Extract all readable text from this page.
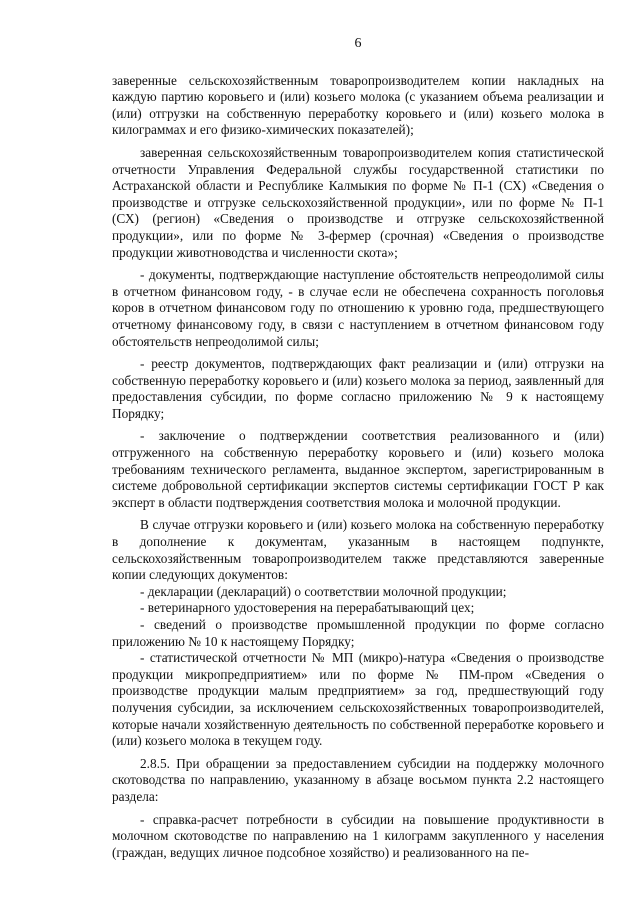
6

заверенные сельскохозяйственным товаропроизводителем копии накладных на каждую партию коровьего и (или) козьего молока (с указанием объема реализации и (или) отгрузки на собственную переработку коровьего и (или) козьего молока в килограммах и его физико-химических показателей);

заверенная сельскохозяйственным товаропроизводителем копия статистической отчетности Управления Федеральной службы государственной статистики по Астраханской области и Республике Калмыкия по форме № П-1 (СХ) «Сведения о производстве и отгрузке сельскохозяйственной продукции», или по форме № П-1 (СХ) (регион) «Сведения о производстве и отгрузке сельскохозяйственной продукции», или по форме № 3-фермер (срочная) «Сведения о производстве продукции животноводства и численности скота»;

- документы, подтверждающие наступление обстоятельств непреодолимой силы в отчетном финансовом году, - в случае если не обеспечена сохранность поголовья коров в отчетном финансовом году по отношению к уровню года, предшествующего отчетному финансовому году, в связи с наступлением в отчетном финансовом году обстоятельств непреодолимой силы;

- реестр документов, подтверждающих факт реализации и (или) отгрузки на собственную переработку коровьего и (или) козьего молока за период, заявленный для предоставления субсидии, по форме согласно приложению № 9 к настоящему Порядку;

- заключение о подтверждении соответствия реализованного и (или) отгруженного на собственную переработку коровьего и (или) козьего молока требованиям технического регламента, выданное экспертом, зарегистрированным в системе добровольной сертификации экспертов системы сертификации ГОСТ Р как эксперт в области подтверждения соответствия молока и молочной продукции.

В случае отгрузки коровьего и (или) козьего молока на собственную переработку в дополнение к документам, указанным в настоящем подпункте, сельскохозяйственным товаропроизводителем также представляются заверенные копии следующих документов:

- декларации (деклараций) о соответствии молочной продукции;

- ветеринарного удостоверения на перерабатывающий цех;

- сведений о производстве промышленной продукции по форме согласно приложению № 10 к настоящему Порядку;

- статистической отчетности № МП (микро)-натура «Сведения о производстве продукции микропредприятием» или по форме № ПМ-пром «Сведения о производстве продукции малым предприятием» за год, предшествующий году получения субсидии, за исключением сельскохозяйственных товаропроизводителей, которые начали хозяйственную деятельность по собственной переработке коровьего и (или) козьего молока в текущем году.

2.8.5. При обращении за предоставлением субсидии на поддержку молочного скотоводства по направлению, указанному в абзаце восьмом пункта 2.2 настоящего раздела:

- справка-расчет потребности в субсидии на повышение продуктивности в молочном скотоводстве по направлению на 1 килограмм закупленного у населения (граждан, ведущих личное подсобное хозяйство) и реализованного на пе-
